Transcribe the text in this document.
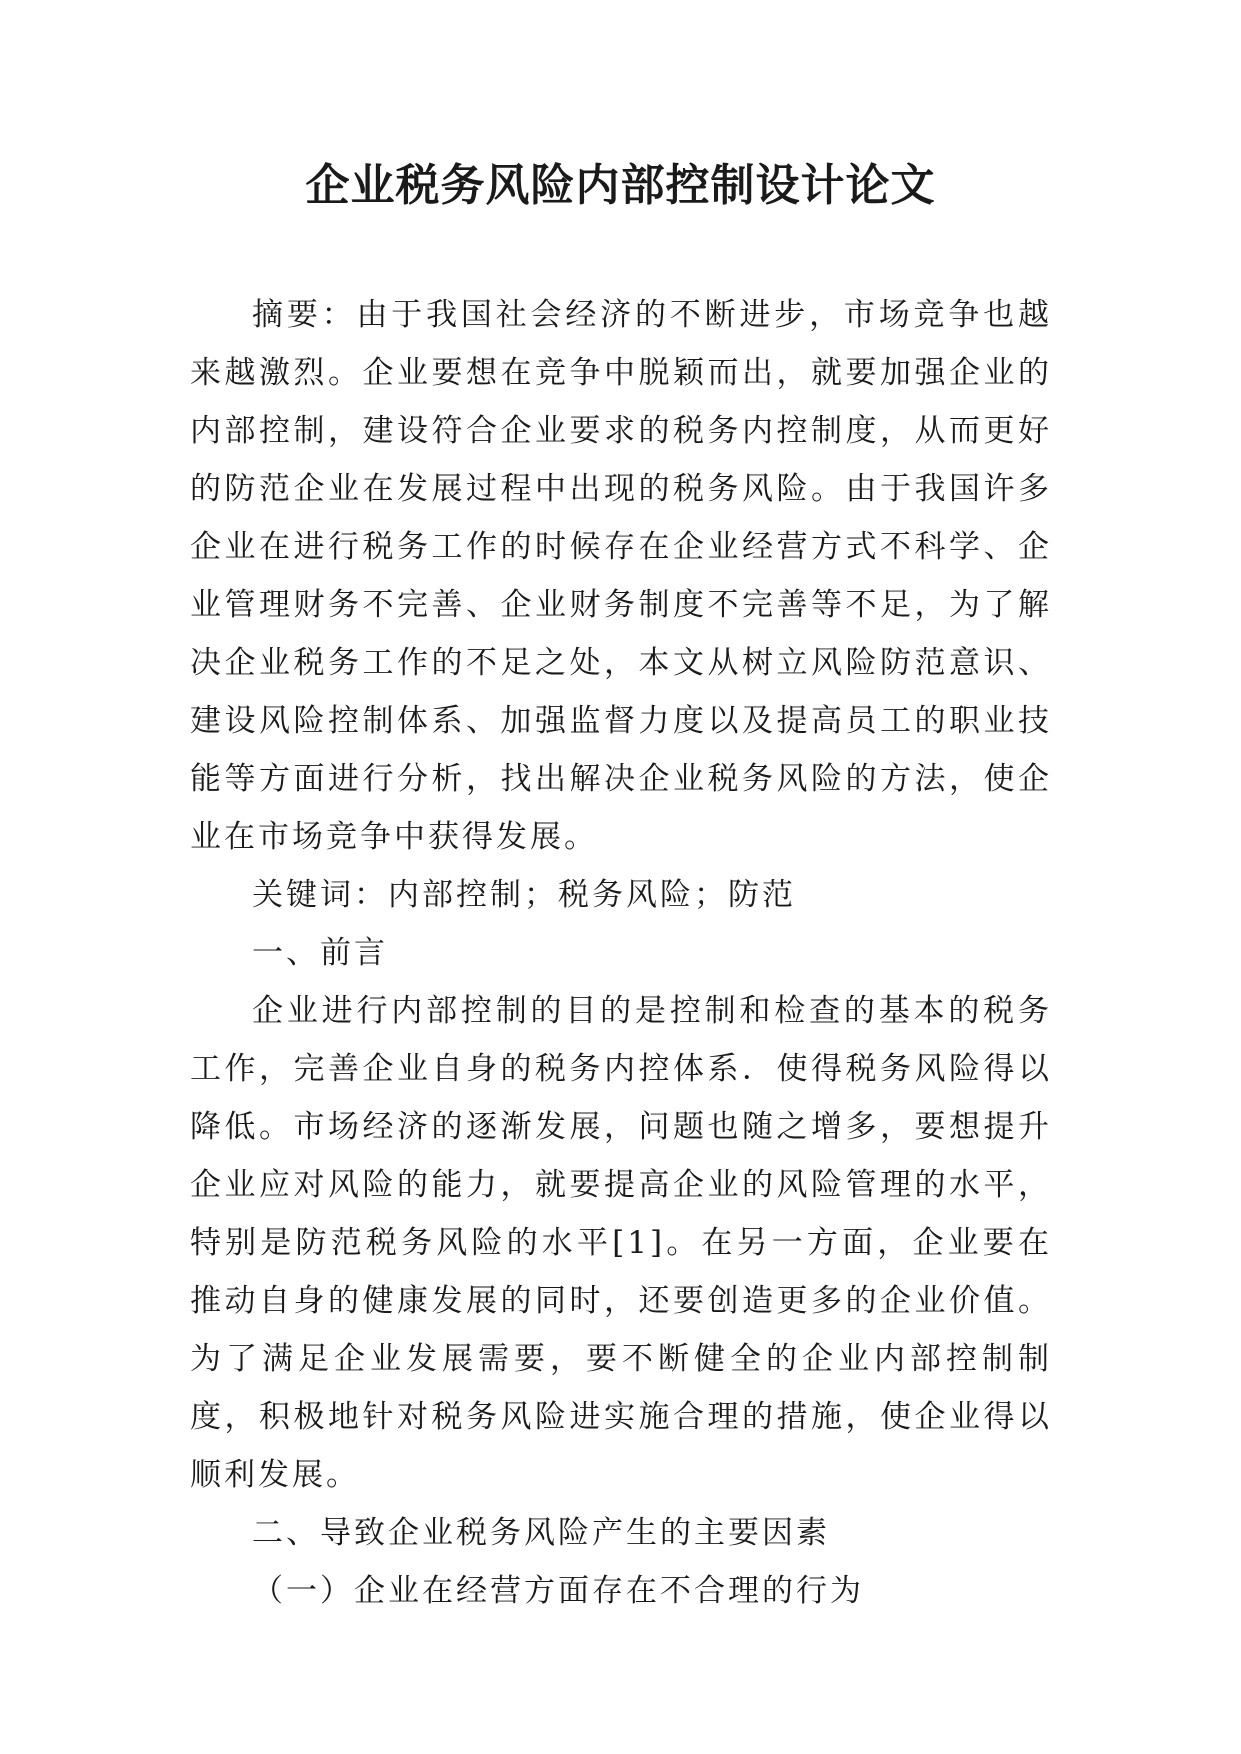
企业税务风险内部控制设计论文

摘要：由于我国社会经济的不断进步，市场竞争也越来越激烈。企业要想在竞争中脱颖而出，就要加强企业的内部控制，建设符合企业要求的税务内控制度，从而更好的防范企业在发展过程中出现的税务风险。由于我国许多企业在进行税务工作的时候存在企业经营方式不科学、企业管理财务不完善、企业财务制度不完善等不足，为了解决企业税务工作的不足之处，本文从树立风险防范意识、建设风险控制体系、加强监督力度以及提高员工的职业技能等方面进行分析，找出解决企业税务风险的方法，使企业在市场竞争中获得发展。

关键词：内部控制；税务风险；防范

一、前言

企业进行内部控制的目的是控制和检查的基本的税务工作，完善企业自身的税务内控体系．使得税务风险得以降低。市场经济的逐渐发展，问题也随之增多，要想提升企业应对风险的能力，就要提高企业的风险管理的水平，特别是防范税务风险的水平[1]。在另一方面，企业要在推动自身的健康发展的同时，还要创造更多的企业价值。为了满足企业发展需要，要不断健全的企业内部控制制度，积极地针对税务风险进实施合理的措施，使企业得以顺利发展。

二、导致企业税务风险产生的主要因素

（一）企业在经营方面存在不合理的行为
